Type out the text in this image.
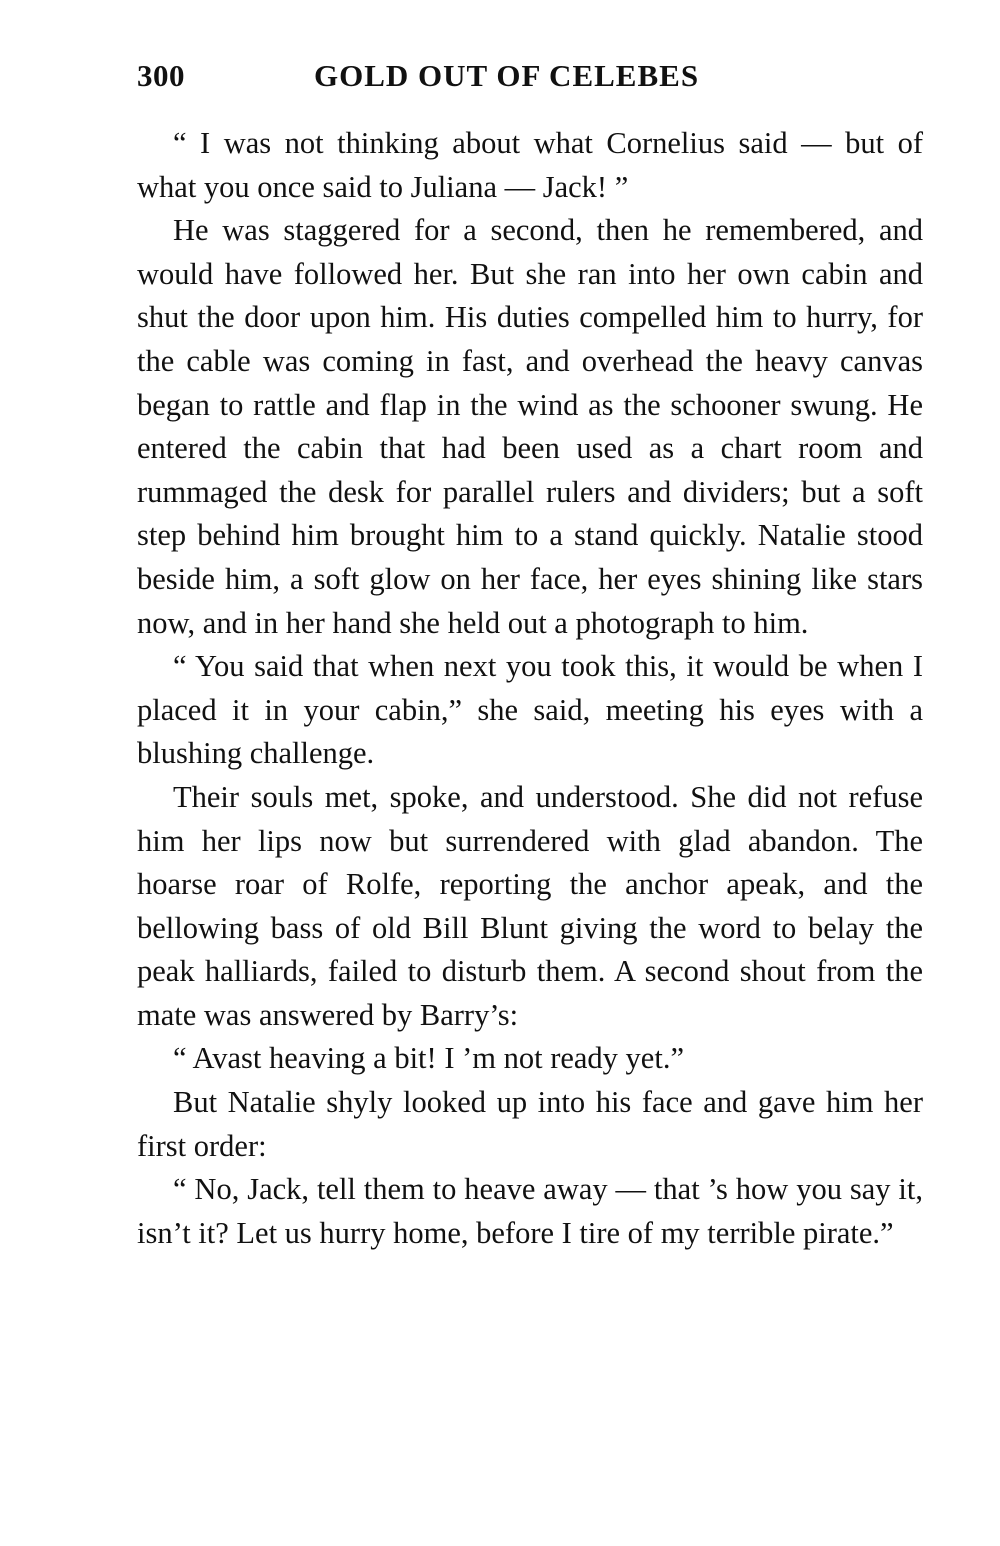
300	GOLD OUT OF CELEBES

“ I was not thinking about what Cornelius said — but of what you once said to Juliana — Jack! ”

He was staggered for a second, then he remembered, and would have followed her. But she ran into her own cabin and shut the door upon him. His duties compelled him to hurry, for the cable was coming in fast, and overhead the heavy canvas began to rattle and flap in the wind as the schooner swung. He entered the cabin that had been used as a chart room and rummaged the desk for parallel rulers and dividers; but a soft step behind him brought him to a stand quickly. Natalie stood beside him, a soft glow on her face, her eyes shining like stars now, and in her hand she held out a photograph to him.

“ You said that when next you took this, it would be when I placed it in your cabin,” she said, meeting his eyes with a blushing challenge.

Their souls met, spoke, and understood. She did not refuse him her lips now but surrendered with glad abandon. The hoarse roar of Rolfe, reporting the anchor apeak, and the bellowing bass of old Bill Blunt giving the word to belay the peak halliards, failed to disturb them. A second shout from the mate was answered by Barry’s:

“ Avast heaving a bit! I ’m not ready yet.”

But Natalie shyly looked up into his face and gave him her first order:

“ No, Jack, tell them to heave away — that ’s how you say it, isn’t it? Let us hurry home, before I tire of my terrible pirate.”
